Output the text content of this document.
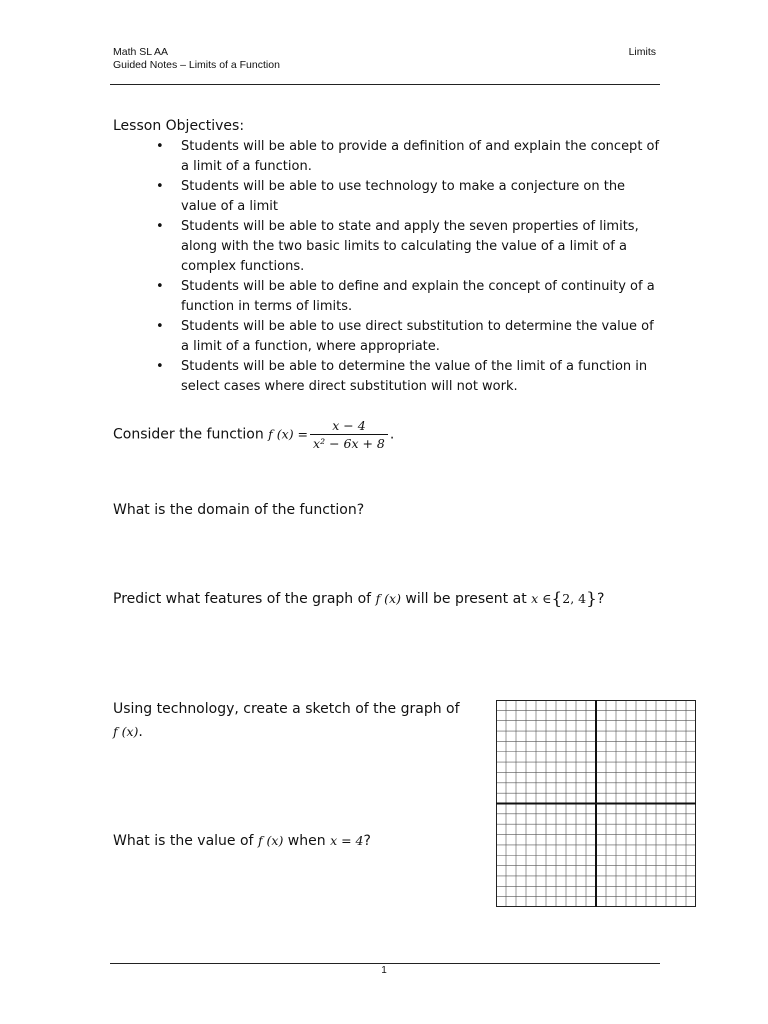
Math SL AA
Guided Notes – Limits of a Function
Limits
Lesson Objectives:
• Students will be able to provide a definition of and explain the concept of a limit of a function.
• Students will be able to use technology to make a conjecture on the value of a limit
• Students will be able to state and apply the seven properties of limits, along with the two basic limits to calculating the value of a limit of a complex functions.
• Students will be able to define and explain the concept of continuity of a function in terms of limits.
• Students will be able to use direct substitution to determine the value of a limit of a function, where appropriate.
• Students will be able to determine the value of the limit of a function in select cases where direct substitution will not work.
Consider the function f $(x) = \frac{x - 4}{\text{x² − 6x + 8}}$ .
What is the domain of the function?
Predict what features of the graph of f (x) will be present at x ∈{2, 4}?
Using technology, create a sketch of the graph of
f (x).
What is the value of f (x) when x = 4?
1
